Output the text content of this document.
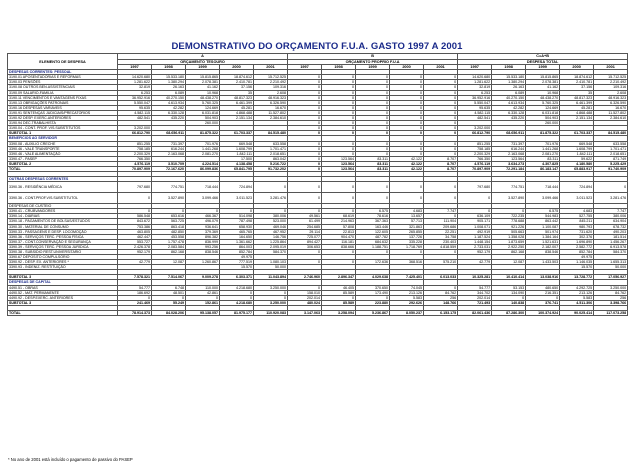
DEMONSTRATIVO DO ORÇAMENTO F.U.A. GASTO 1997 A 2001
ELEMENTO DE DESPESA	A					B					C=A+B				
	ORÇAMENTO TESOURO					ORÇAMENTO PROPRIO F.U.A					DESPESA TOTAL				
	1997	1998	1999	2000	2001	1997	1998	1999	2000	2001	1997	1998	1999	2000	2001
DESPESAS CORRENTES: PESSOAL															
3190.01 APOSENTADORIAS E REFORMAS	14.620.680	15.533.180	15.815.865	18.874.612	15.712.525	0	0	0	0	0	14.620.680	15.533.180	15.815.865	18.874.612	15.712.525
3190.03 PENSÕES	1.281.622	1.380.294	2.078.381	2.410.781	2.210.492	0	0	0	0	0	1.281.622	1.380.294	2.078.381	2.410.781	2.210.492
3190.08 OUTROS BEN.ASSISTENCIAIS	32.819	26.163	41.162	37.156	109.316	0	0	0	0	0	32.819	26.163	41.162	37.156	109.316
3190.09 SALARIO-FAMILIA	6.253	6.089	10.968	35	2.608	0	0	0	0	0	6.253	6.089	10.968	35	2.608
3190.11 VENCIMENTOS E VANTAGENS FIXAS	36.952.916	40.270.150	48.438.270	48.817.323	48.916.323	0	0	0	0	0	36.952.916	40.270.150	48.438.270	48.817.323	48.916.323
3190.13 OBRIGAÇÕES PATRONAIS	5.550.047	4.613.934	5.760.325	6.461.399	6.326.590	0	0	0	0	0	5.550.047	4.613.934	5.760.325	6.461.399	6.326.590
3190.16 DESPESAS VARIAVEIS	95.635	42.282	124.669	45.281	16.670	0	0	0	0	0	95.635	42.282	124.669	45.281	16.670
3190.91 SENTENÇAS JUDICIAIS/PRECATORIOS	4.582.115	6.330.128	6.031.818	4.868.488	11.527.802	0	0	0	0	0	4.582.115	6.330.128	6.031.818	4.868.488	11.527.802
3190.92 DESP. EXERC.ANTERIORES	482.541	435.220	504.903	2.151.134	2.384.610	0	0	0	0	0	482.541	435.220	504.903	2.151.134	2.384.610
3190.94 DEC.TRABALHISTA			260.000			0	0	0	0	0			260.000		
3190.04 - CONT. PROF. VIS.SUBSTITUTOS	3.202.000					0	0	0	0	0	3.202.000				
SUBTOTAL 1	66.812.790	68.656.911	81.875.322	61.703.337	84.515.480	0	0	0	0	0	66.812.790	68.656.911	81.875.322	61.703.337	84.515.480
BENEFICIOS AO SERVIDOR															
3390.08 - AUXILIO CRECHE	851.255	731.397	701.976	669.548	633.558	0	0	0	0	0	851.255	731.397	701.976	669.548	633.558
3390.46 - VALE TRANSPORTE	758.185	616.244	1.441.268	1.608.799	1.701.471	0	0	0	0	0	758.185	616.244	1.441.268	1.608.799	1.701.471
3390.46 - VALE ALIMENTAÇÃO	2.200.329	2.163.068	2.081.270	1.842.111	2.018.651	0	0	0	0	0	2.200.329	2.163.068	2.081.270	1.842.111	2.018.651
3390.47 - PASEP	766.350			17.500	863.042	0	123.564	83.311	42.122	8.707	766.350	123.564	83.311	59.622	871.749
SUBTOTAL 2	4.576.119	3.510.709	4.224.514	4.138.458	5.216.722	0	123.564	83.311	42.122	8.707	4.576.119	3.634.273	4.307.825	4.180.580	5.225.429
TOTAL	70.897.909	72.167.620	86.099.836	65.841.795	91.732.202	0	123.564	83.311	42.122	8.707	70.897.909	72.291.184	86.183.147	65.883.917	91.740.909

OUTRAS DESPESAS CORRENTES															
3390.36 - RESIDÊNCIA MÉDICA	797.680	774.751	718.444	724.894	0	0	0	0	0	0	797.680	774.751	718.444	724.894	0
3390.36 - CONT.PROF.VIS.SUBSTITUTOL	0	3.527.890	3.099.466	3.011.523	3.281.476	0	0	0	0	0	0	3.527.890	3.099.466	3.011.523	3.281.476
DESPESAS DE CUSTEIO															
3390.41 - CRUBVANDORES	0	0	0	0	0	0	0	6.575	4.683	7.747	0	0	6.575	4.683	7.747
3390.14 - DIÁRIAS	586.548	653.616	466.367	514.098	380.006	49.561	68.619	78.616	13.657	0	636.109	722.235	544.983	527.755	380.006
3390.18 - PAGAMENTOS DE BOLSAS/ESTUDOS	843.672	563.725	496.079	787.498	523.000	61.499	214.963	367.363	57.713	111.904	905.171	778.688	863.442	845.211	634.904
3390.30 - MATERIAL DE CONSUMO	753.386	863.418	936.641	658.930	469.046	254.685	57.808	163.446	321.863	209.686	1.008.071	921.226	1.100.087	980.793	678.732
3390.33 - PASSAGENS E DESP. LOCOMOÇÃO	463.805	482.850	379.369	465.765	467.952	29.114	22.813	122.605	265.855	22.251	492.919	505.663	501.974	731.620	490.203
3390.36 - SERVIÇOS TERC. PESSOA FÍSICA	462.447	453.558	896.382	164.650	146.756	725.077	904.470	487.782	137.726	34.758	1.187.524	1.358.028	1.384.164	302.376	181.514
3390.37 - CONT.CONSERVAÇÃO E SEGURANÇA	553.727	1.757.478	836.999	1.361.662	1.225.864	894.427	116.181	684.632	335.228	230.403	1.448.154	1.873.659	1.521.631	1.696.890	1.456.267
3390.39 - SERVIÇOS TERC. PESSOA JURÍDICA	2.426.378	2.083.584	993.256	864.003	2.095.019	306.653	838.666	1.188.751	1.718.769	4.818.559	2.733.031	2.922.250	2.182.007	2.582.772	6.913.578
3390.38 - SUBSIDIO REST.UNIVERSITARIO	952.179	862.168	838.546	852.784	584.370	0	0	0	0	0	952.179	862.168	838.546	852.784	584.370
3390.67 DEPOSITO COMPULSÓRIO				49.975										49.975	
3390.92 - DESP. EX. ANTERIORES *	42.779	12.087	1.260.867	777.519	1.080.103	0	0	172.636	368.516	575.210	42.779	12.087	1.433.503	1.146.035	1.655.313
3390.93 - INDENIZ. RESTITUIÇÃO				15.570	50.000									15.570	50.000

SUBTOTAL 3	7.578.321	7.514.067	9.009.278	6.303.371	11.043.894	2.746.960	2.896.347	4.029.638	7.425.401	6.013.033	10.325.281	10.410.414	13.038.916	13.728.772	17.056.927
DESPESAS DE CAPITAL															
4490.51 - OBRAS	54.777	6.748	110.000	4.218.680	3.250.000	0	46.405	370.650	74.045	0	54.777	53.153	480.650	4.292.725	3.250.000
4490.52 - MAT. PERMANENTE	186.692	48.501	42.861	0	0	158.010	85.589	173.490	213.126	84.762	344.702	134.090	216.351	213.126	84.762
4490.92 - DESP.EXERC. ANTERIORES	0	0	0	0	0	202.014	0	0	5.583	256	202.014	0	0	5.583	256
SUBTOTAL 3	241.469	55.249	152.861	4.218.680	3.250.000	480.024	85.589	223.880	292.626	148.766	721.493	140.838	376.741	4.511.306	3.398.766

TOTAL	78.914.373	84.028.206	95.138.057	81.975.177	110.920.083	3.147.063	3.258.094	5.236.867	8.050.237	6.153.175	82.061.436	87.286.300	100.374.924	90.025.414	117.073.258
* No ano de 2001 está incluído o pagamento de passivo do PASEP
